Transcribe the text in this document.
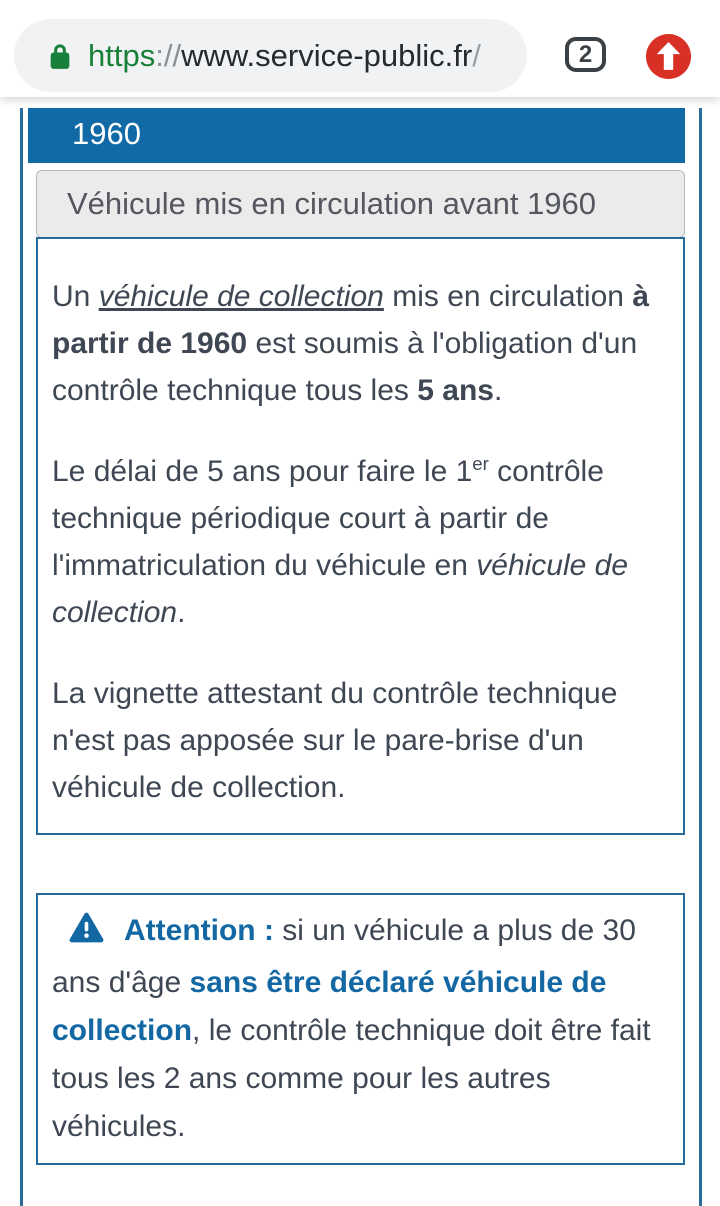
https :// www.service-public.fr /	2
1960
Véhicule mis en circulation avant 1960

Un véhicule de collection mis en circulation à partir de 1960 est soumis à l'obligation d'un contrôle technique tous les 5 ans.

Le délai de 5 ans pour faire le 1er contrôle technique périodique court à partir de l'immatriculation du véhicule en véhicule de collection.

La vignette attestant du contrôle technique n'est pas apposée sur le pare-brise d'un véhicule de collection.

Attention : si un véhicule a plus de 30 ans d'âge sans être déclaré véhicule de collection, le contrôle technique doit être fait tous les 2 ans comme pour les autres véhicules.
